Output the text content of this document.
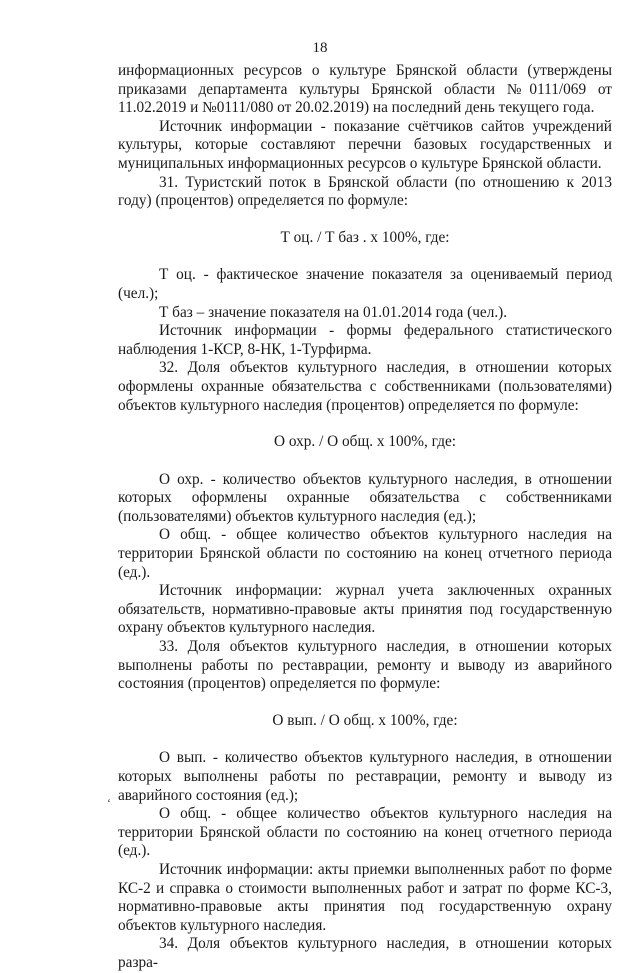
18

информационных ресурсов о культуре Брянской области (утверждены приказами департамента культуры Брянской области №0111/069 от 11.02.2019 и №0111/080 от 20.02.2019) на последний день текущего года.

Источник информации - показание счётчиков сайтов учреждений культуры, которые составляют перечни базовых государственных и муниципальных информационных ресурсов о культуре Брянской области.

31. Туристский поток в Брянской области (по отношению к 2013 году) (процентов) определяется по формуле:

Т оц. / Т баз . х 100%, где:

Т оц. - фактическое значение показателя за оцениваемый период (чел.);

Т баз – значение показателя на 01.01.2014 года (чел.).

Источник информации - формы федерального статистического наблюдения 1-КСР, 8-НК, 1-Турфирма.

32. Доля объектов культурного наследия, в отношении которых оформлены охранные обязательства с собственниками (пользователями) объектов культурного наследия (процентов) определяется по формуле:

О охр. / О общ. х 100%, где:

О охр. - количество объектов культурного наследия, в отношении которых оформлены охранные обязательства с собственниками (пользователями) объектов культурного наследия (ед.);

О общ. - общее количество объектов культурного наследия на территории Брянской области по состоянию на конец отчетного периода (ед.).

Источник информации: журнал учета заключенных охранных обязательств, нормативно-правовые акты принятия под государственную охрану объектов культурного наследия.

33. Доля объектов культурного наследия, в отношении которых выполнены работы по реставрации, ремонту и выводу из аварийного состояния (процентов) определяется по формуле:

О вып. / О общ. х 100%, где:

О вып. - количество объектов культурного наследия, в отношении которых выполнены работы по реставрации, ремонту и выводу из аварийного состояния (ед.);

О общ. - общее количество объектов культурного наследия на территории Брянской области по состоянию на конец отчетного периода (ед.).

Источник информации: акты приемки выполненных работ по форме КС-2 и справка о стоимости выполненных работ и затрат по форме КС-3, нормативно-правовые акты принятия под государственную охрану объектов культурного наследия.

34. Доля объектов культурного наследия, в отношении которых разра-

‘
